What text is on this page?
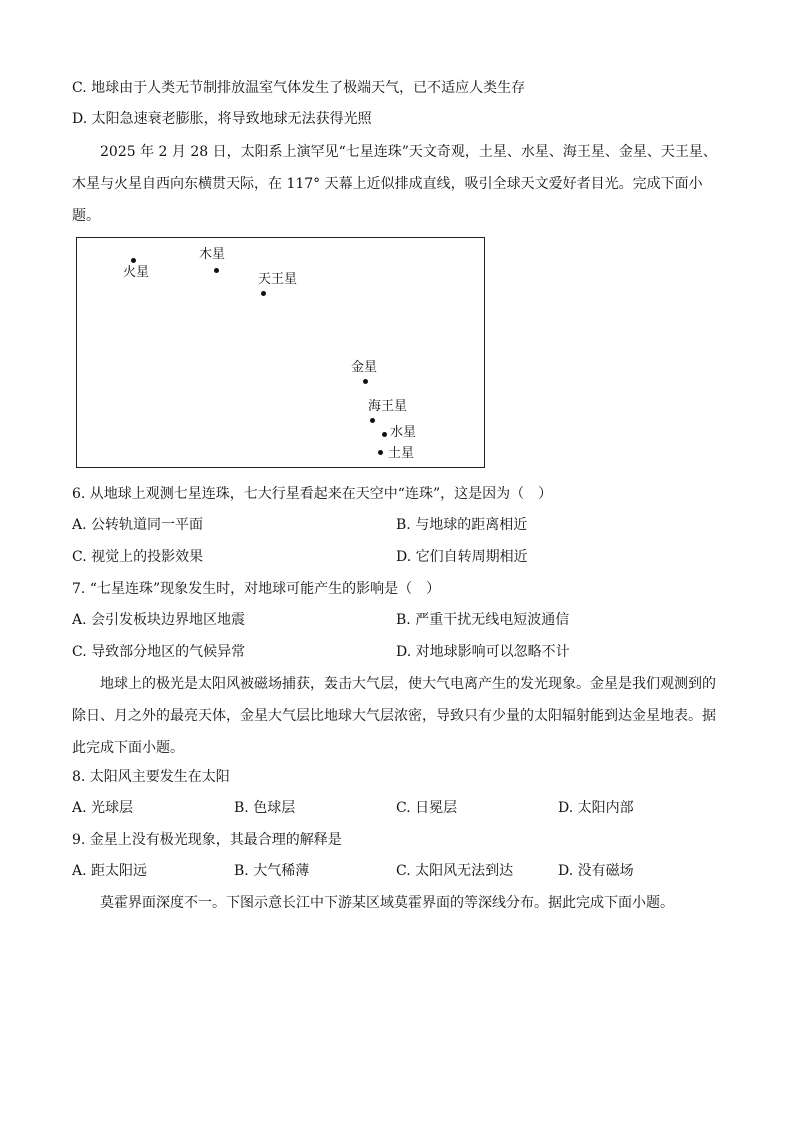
C. 地球由于人类无节制排放温室气体发生了极端天气，已不适应人类生存
D. 太阳急速衰老膨胀，将导致地球无法获得光照
2025 年 2 月 28 日，太阳系上演罕见“七星连珠”天文奇观，土星、水星、海王星、金星、天王星、木星与火星自西向东横贯天际，在 117° 天幕上近似排成直线，吸引全球天文爱好者目光。完成下面小题。
火星
木星
天王星
金星
海王星
水星
土星
6. 从地球上观测七星连珠，七大行星看起来在天空中“连珠”，这是因为（　）
A. 公转轨道同一平面	B. 与地球的距离相近
C. 视觉上的投影效果	D. 它们自转周期相近
7. “七星连珠”现象发生时，对地球可能产生的影响是（　）
A. 会引发板块边界地区地震	B. 严重干扰无线电短波通信
C. 导致部分地区的气候异常	D. 对地球影响可以忽略不计
地球上的极光是太阳风被磁场捕获，轰击大气层，使大气电离产生的发光现象。金星是我们观测到的除日、月之外的最亮天体，金星大气层比地球大气层浓密，导致只有少量的太阳辐射能到达金星地表。据此完成下面小题。
8. 太阳风主要发生在太阳
A. 光球层	B. 色球层	C. 日冕层	D. 太阳内部
9. 金星上没有极光现象，其最合理的解释是
A. 距太阳远	B. 大气稀薄	C. 太阳风无法到达	D. 没有磁场
莫霍界面深度不一。下图示意长江中下游某区域莫霍界面的等深线分布。据此完成下面小题。
